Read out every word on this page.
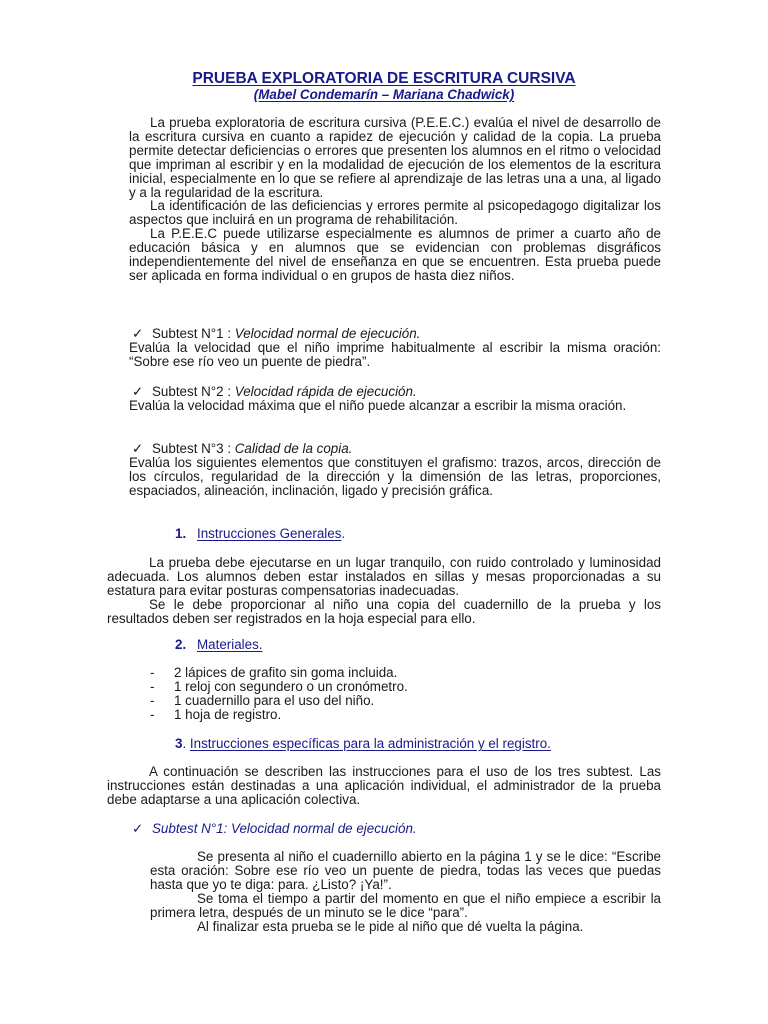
PRUEBA EXPLORATORIA DE ESCRITURA CURSIVA
(Mabel Condemarín – Mariana Chadwick)

La prueba exploratoria de escritura cursiva (P.E.E.C.) evalúa el nivel de desarrollo de la escritura cursiva en cuanto a rapidez de ejecución y calidad de la copia. La prueba permite detectar deficiencias o errores que presenten los alumnos en el ritmo o velocidad que impriman al escribir y en la modalidad de ejecución de los elementos de la escritura inicial, especialmente en lo que se refiere al aprendizaje de las letras una a una, al ligado y a la regularidad de la escritura.

La identificación de las deficiencias y errores permite al psicopedagogo digitalizar los aspectos que incluirá en un programa de rehabilitación.

La P.E.E.C puede utilizarse especialmente es alumnos de primer a cuarto año de educación básica y en alumnos que se evidencian con problemas disgráficos independientemente del nivel de enseñanza en que se encuentren. Esta prueba puede ser aplicada en forma individual o en grupos de hasta diez niños.

✓ Subtest N°1 : Velocidad normal de ejecución.

Evalúa la velocidad que el niño imprime habitualmente al escribir la misma oración: “Sobre ese río veo un puente de piedra”.

✓ Subtest N°2 : Velocidad rápida de ejecución.

Evalúa la velocidad máxima que el niño puede alcanzar a escribir la misma oración.

✓ Subtest N°3 : Calidad de la copia.

Evalúa los siguientes elementos que constituyen el grafismo: trazos, arcos, dirección de los círculos, regularidad de la dirección y la dimensión de las letras, proporciones, espaciados, alineación, inclinación, ligado y precisión gráfica.

1. Instrucciones Generales.

La prueba debe ejecutarse en un lugar tranquilo, con ruido controlado y luminosidad adecuada. Los alumnos deben estar instalados en sillas y mesas proporcionadas a su estatura para evitar posturas compensatorias inadecuadas.

Se le debe proporcionar al niño una copia del cuadernillo de la prueba y los resultados deben ser registrados en la hoja especial para ello.

2. Materiales.
- 2 lápices de grafito sin goma incluida.
- 1 reloj con segundero o un cronómetro.
- 1 cuadernillo para el uso del niño.
- 1 hoja de registro.
3. Instrucciones específicas para la administración y el registro.

A continuación se describen las instrucciones para el uso de los tres subtest. Las instrucciones están destinadas a una aplicación individual, el administrador de la prueba debe adaptarse a una aplicación colectiva.

✓ Subtest N°1: Velocidad normal de ejecución.

Se presenta al niño el cuadernillo abierto en la página 1 y se le dice: “Escribe esta oración: Sobre ese río veo un puente de piedra, todas las veces que puedas hasta que yo te diga: para. ¿Listo? ¡Ya!”.

Se toma el tiempo a partir del momento en que el niño empiece a escribir la primera letra, después de un minuto se le dice “para”.

Al finalizar esta prueba se le pide al niño que dé vuelta la página.
